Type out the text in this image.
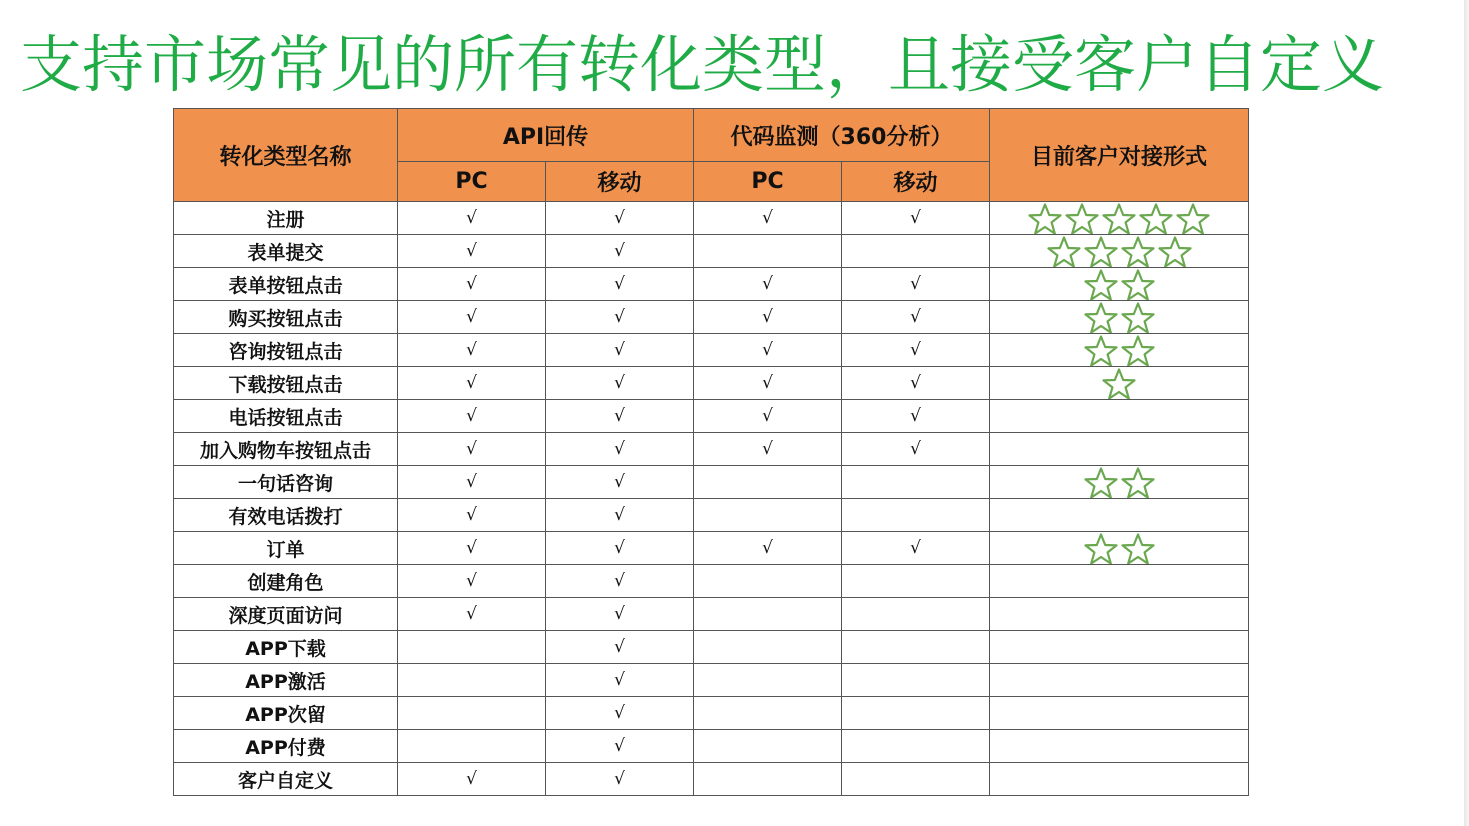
支持市场常见的所有转化类型，且接受客户自定义
转化类型名称	API回传		代码监测（360分析）		目前客户对接形式
	PC	移动	PC	移动	
注册	√	√	√	√	

表单提交	√	√			

表单按钮点击	√	√	√	√	

购买按钮点击	√	√	√	√	

咨询按钮点击	√	√	√	√	

下载按钮点击	√	√	√	√	

电话按钮点击	√	√	√	√	

加入购物车按钮点击	√	√	√	√	

一句话咨询	√	√			

有效电话拨打	√	√			

订单	√	√	√	√	

创建角色	√	√			

深度页面访问	√	√			

APP下载		√			

APP激活		√			

APP次留		√			

APP付费		√			

客户自定义	√	√			
